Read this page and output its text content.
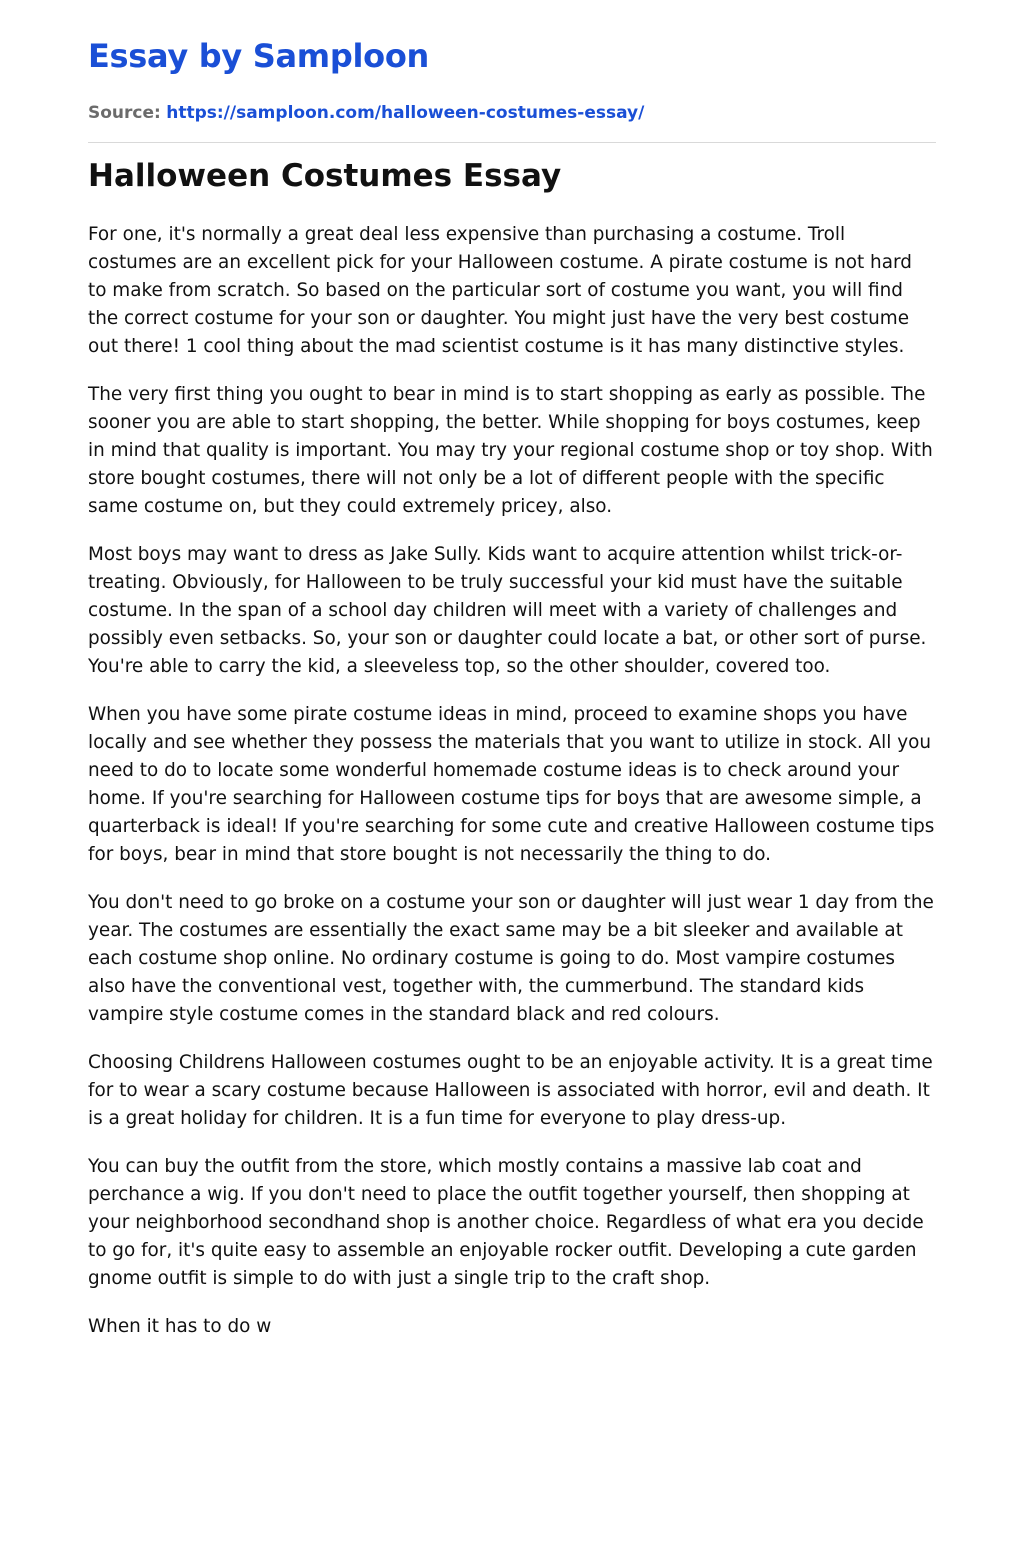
Essay by Samploon

Source: https://samploon.com/halloween-costumes-essay/

Halloween Costumes Essay

For one, it's normally a great deal less expensive than purchasing a costume. Troll costumes are an excellent pick for your Halloween costume. A pirate costume is not hard to make from scratch. So based on the particular sort of costume you want, you will find the correct costume for your son or daughter. You might just have the very best costume out there! 1 cool thing about the mad scientist costume is it has many distinctive styles.

The very first thing you ought to bear in mind is to start shopping as early as possible. The sooner you are able to start shopping, the better. While shopping for boys costumes, keep in mind that quality is important. You may try your regional costume shop or toy shop. With store bought costumes, there will not only be a lot of different people with the specific same costume on, but they could extremely pricey, also.

Most boys may want to dress as Jake Sully. Kids want to acquire attention whilst trick-or-treating. Obviously, for Halloween to be truly successful your kid must have the suitable costume. In the span of a school day children will meet with a variety of challenges and possibly even setbacks. So, your son or daughter could locate a bat, or other sort of purse. You're able to carry the kid, a sleeveless top, so the other shoulder, covered too.

When you have some pirate costume ideas in mind, proceed to examine shops you have locally and see whether they possess the materials that you want to utilize in stock. All you need to do to locate some wonderful homemade costume ideas is to check around your home. If you're searching for Halloween costume tips for boys that are awesome simple, a quarterback is ideal! If you're searching for some cute and creative Halloween costume tips for boys, bear in mind that store bought is not necessarily the thing to do.

You don't need to go broke on a costume your son or daughter will just wear 1 day from the year. The costumes are essentially the exact same may be a bit sleeker and available at each costume shop online. No ordinary costume is going to do. Most vampire costumes also have the conventional vest, together with, the cummerbund. The standard kids vampire style costume comes in the standard black and red colours.

Choosing Childrens Halloween costumes ought to be an enjoyable activity. It is a great time for to wear a scary costume because Halloween is associated with horror, evil and death. It is a great holiday for children. It is a fun time for everyone to play dress-up.

You can buy the outfit from the store, which mostly contains a massive lab coat and perchance a wig. If you don't need to place the outfit together yourself, then shopping at your neighborhood secondhand shop is another choice. Regardless of what era you decide to go for, it's quite easy to assemble an enjoyable rocker outfit. Developing a cute garden gnome outfit is simple to do with just a single trip to the craft shop.

When it has to do w
